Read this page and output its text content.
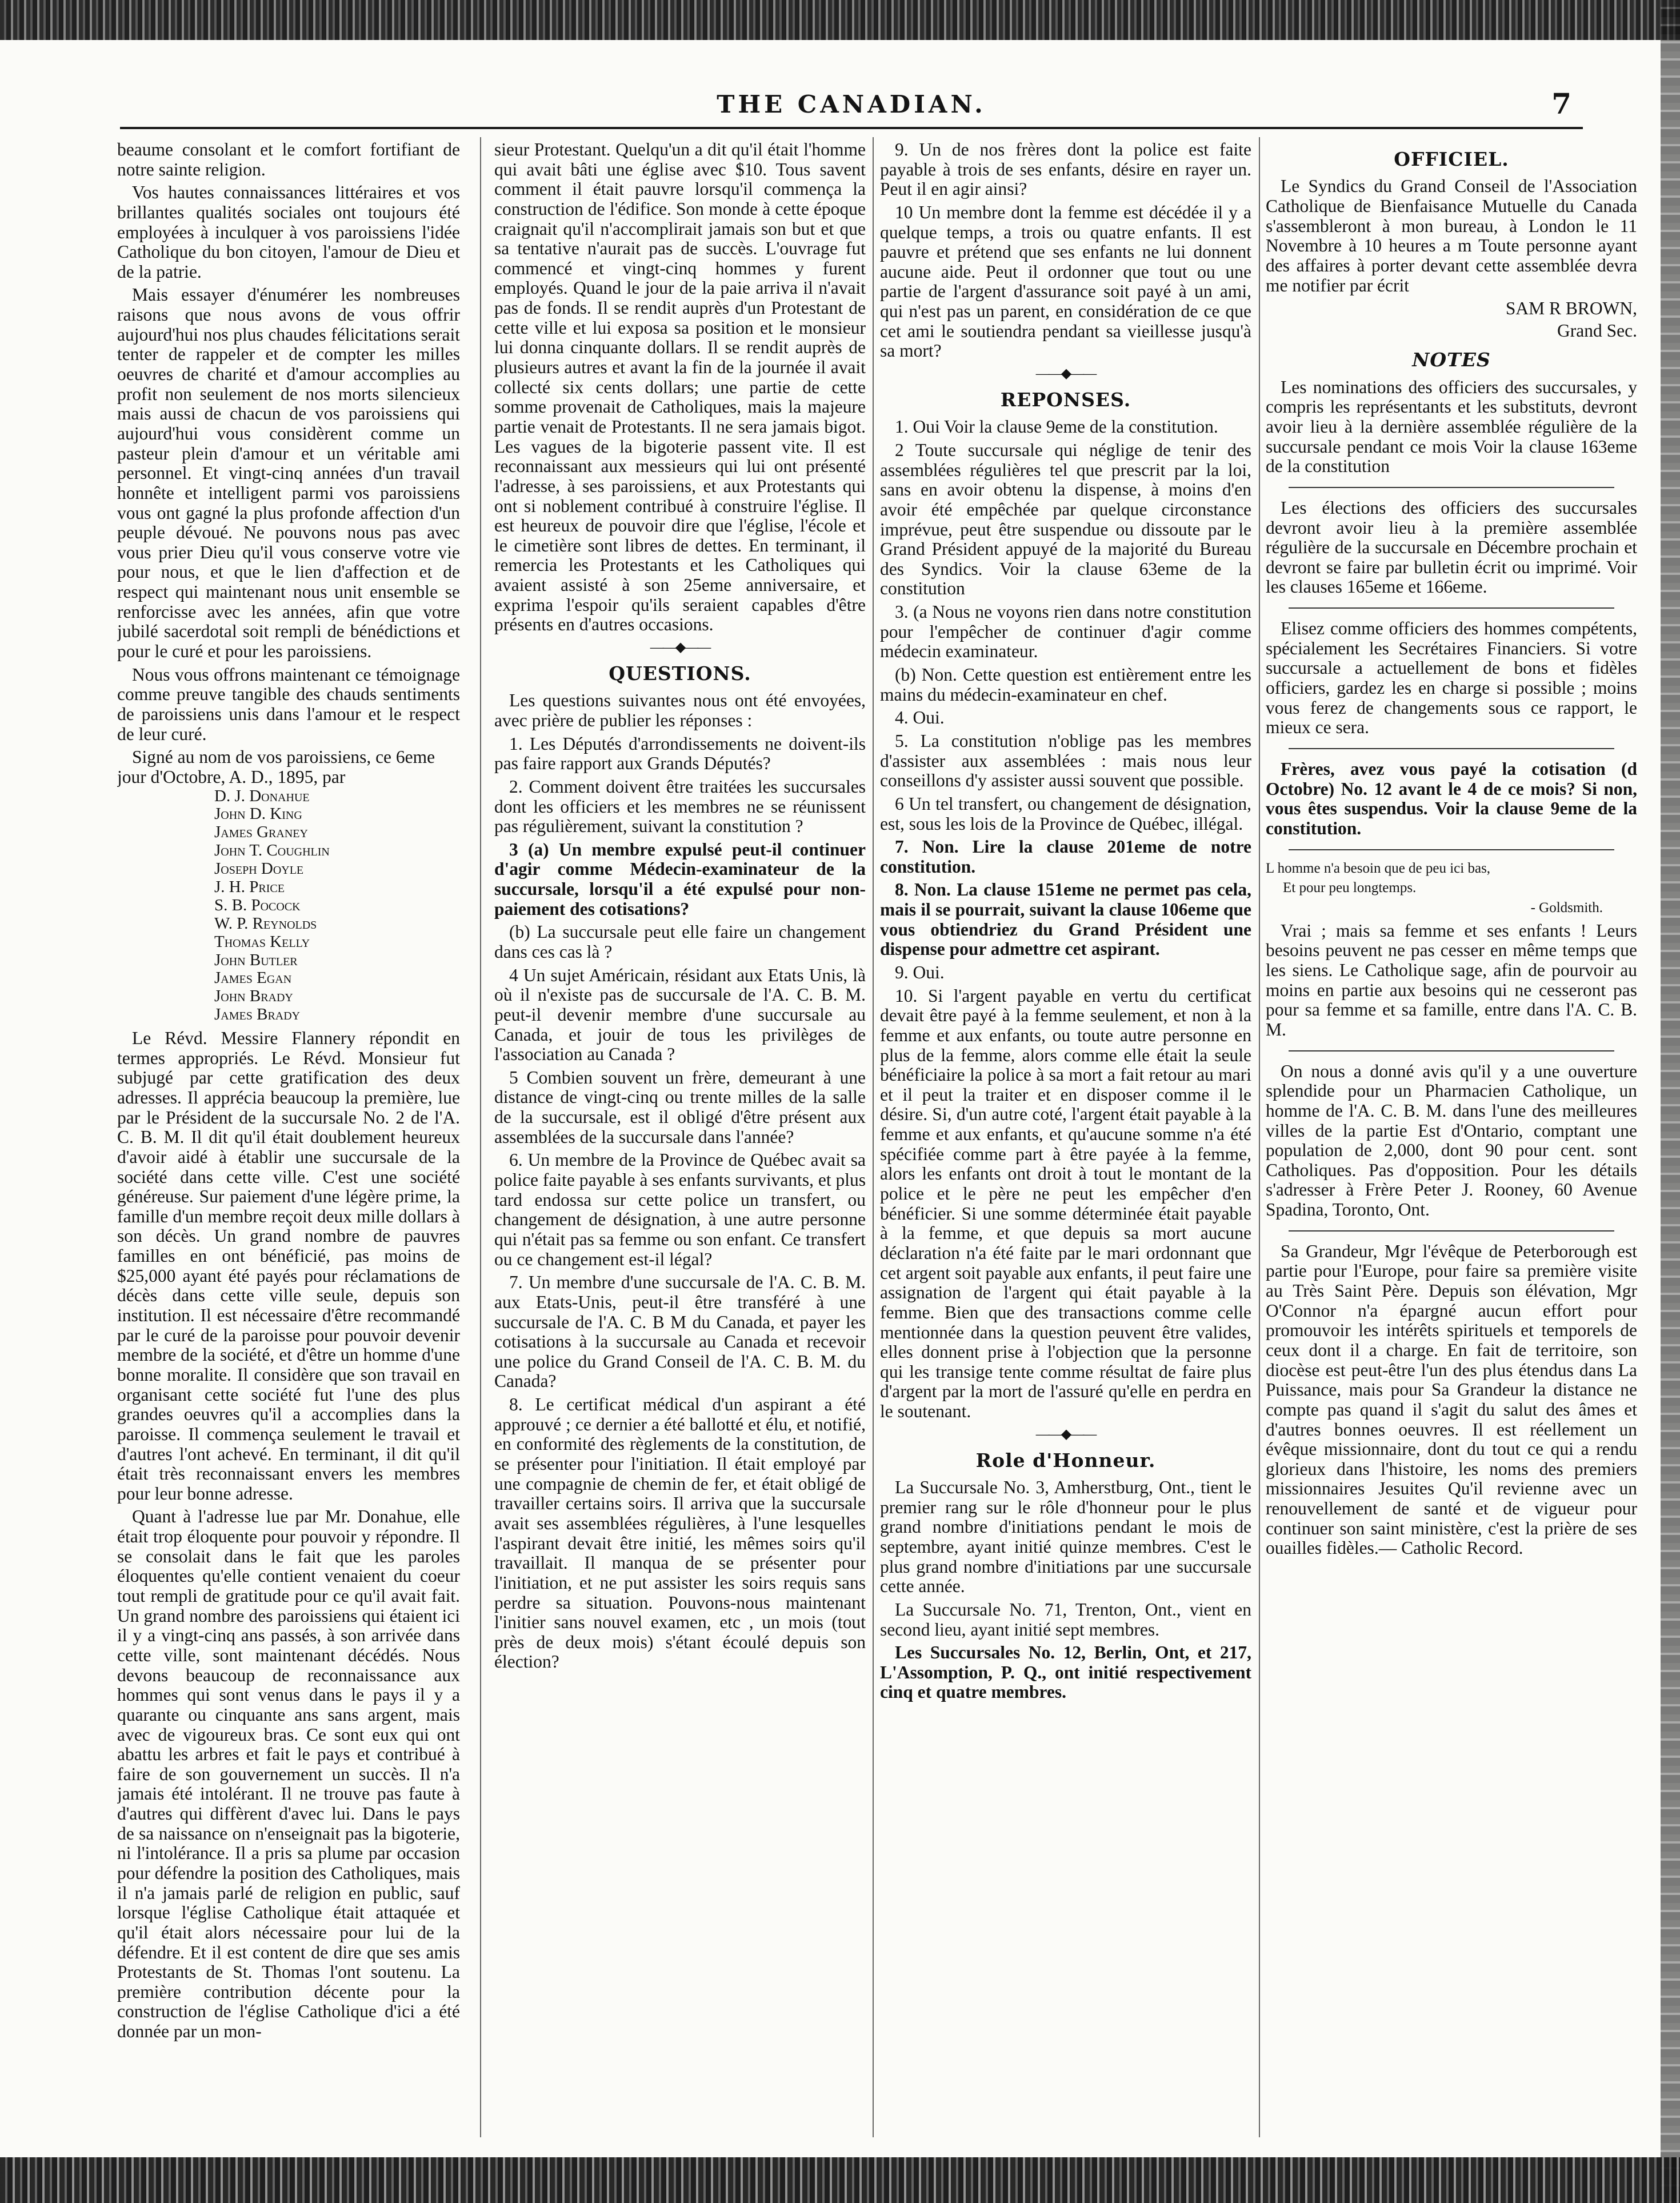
THE CANADIAN.	7

beaume consolant et le comfort fortifiant de notre sainte religion.

Vos hautes connaissances littéraires et vos brillantes qualités sociales ont toujours été employées à inculquer à vos paroissiens l'idée Catholique du bon citoyen, l'amour de Dieu et de la patrie.

Mais essayer d'énumérer les nombreuses raisons que nous avons de vous offrir aujourd'hui nos plus chaudes félicitations serait tenter de rappeler et de compter les milles oeuvres de charité et d'amour accomplies au profit non seulement de nos morts silencieux mais aussi de chacun de vos paroissiens qui aujourd'hui vous considèrent comme un pasteur plein d'amour et un véritable ami personnel. Et vingt-cinq années d'un travail honnête et intelligent parmi vos paroissiens vous ont gagné la plus profonde affection d'un peuple dévoué. Ne pouvons nous pas avec vous prier Dieu qu'il vous conserve votre vie pour nous, et que le lien d'affection et de respect qui maintenant nous unit ensemble se renforcisse avec les années, afin que votre jubilé sacerdotal soit rempli de bénédictions et pour le curé et pour les paroissiens.

Nous vous offrons maintenant ce témoignage comme preuve tangible des chauds sentiments de paroissiens unis dans l'amour et le respect de leur curé.

Signé au nom de vos paroissiens, ce 6eme jour d'Octobre, A. D., 1895, par

D. J. Donahue
John D. King
James Graney
John T. Coughlin
Joseph Doyle
J. H. Price
S. B. Pocock
W. P. Reynolds
Thomas Kelly
John Butler
James Egan
John Brady
James Brady

Le Révd. Messire Flannery répondit en termes appropriés. Le Révd. Monsieur fut subjugé par cette gratification des deux adresses. Il apprécia beaucoup la première, lue par le Président de la succursale No. 2 de l'A. C. B. M. Il dit qu'il était doublement heureux d'avoir aidé à établir une succursale de la société dans cette ville. C'est une société généreuse. Sur paiement d'une légère prime, la famille d'un membre reçoit deux mille dollars à son décès. Un grand nombre de pauvres familles en ont bénéficié, pas moins de $25,000 ayant été payés pour réclamations de décès dans cette ville seule, depuis son institution. Il est nécessaire d'être recommandé par le curé de la paroisse pour pouvoir devenir membre de la société, et d'être un homme d'une bonne moralite. Il considère que son travail en organisant cette société fut l'une des plus grandes oeuvres qu'il a accomplies dans la paroisse. Il commença seulement le travail et d'autres l'ont achevé. En terminant, il dit qu'il était très reconnaissant envers les membres pour leur bonne adresse.

Quant à l'adresse lue par Mr. Donahue, elle était trop éloquente pour pouvoir y répondre. Il se consolait dans le fait que les paroles éloquentes qu'elle contient venaient du coeur tout rempli de gratitude pour ce qu'il avait fait. Un grand nombre des paroissiens qui étaient ici il y a vingt-cinq ans passés, à son arrivée dans cette ville, sont maintenant décédés. Nous devons beaucoup de reconnaissance aux hommes qui sont venus dans le pays il y a quarante ou cinquante ans sans argent, mais avec de vigoureux bras. Ce sont eux qui ont abattu les arbres et fait le pays et contribué à faire de son gouvernement un succès. Il n'a jamais été intolérant. Il ne trouve pas faute à d'autres qui diffèrent d'avec lui. Dans le pays de sa naissance on n'enseignait pas la bigoterie, ni l'intolérance. Il a pris sa plume par occasion pour défendre la position des Catholiques, mais il n'a jamais parlé de religion en public, sauf lorsque l'église Catholique était attaquée et qu'il était alors nécessaire pour lui de la défendre. Et il est content de dire que ses amis Protestants de St. Thomas l'ont soutenu. La première contribution décente pour la construction de l'église Catholique d'ici a été donnée par un mon-

sieur Protestant. Quelqu'un a dit qu'il était l'homme qui avait bâti une église avec $10. Tous savent comment il était pauvre lorsqu'il commença la construction de l'édifice. Son monde à cette époque craignait qu'il n'accomplirait jamais son but et que sa tentative n'aurait pas de succès. L'ouvrage fut commencé et vingt-cinq hommes y furent employés. Quand le jour de la paie arriva il n'avait pas de fonds. Il se rendit auprès d'un Protestant de cette ville et lui exposa sa position et le monsieur lui donna cinquante dollars. Il se rendit auprès de plusieurs autres et avant la fin de la journée il avait collecté six cents dollars; une partie de cette somme provenait de Catholiques, mais la majeure partie venait de Protestants. Il ne sera jamais bigot. Les vagues de la bigoterie passent vite. Il est reconnaissant aux messieurs qui lui ont présenté l'adresse, à ses paroissiens, et aux Protestants qui ont si noblement contribué à construire l'église. Il est heureux de pouvoir dire que l'église, l'école et le cimetière sont libres de dettes. En terminant, il remercia les Protestants et les Catholiques qui avaient assisté à son 25eme anniversaire, et exprima l'espoir qu'ils seraient capables d'être présents en d'autres occasions.

——◆——
QUESTIONS.

Les questions suivantes nous ont été envoyées, avec prière de publier les réponses :

1. Les Députés d'arrondissements ne doivent-ils pas faire rapport aux Grands Députés?

2. Comment doivent être traitées les succursales dont les officiers et les membres ne se réunissent pas régulièrement, suivant la constitution ?

3 (a) Un membre expulsé peut-il continuer d'agir comme Médecin-examinateur de la succursale, lorsqu'il a été expulsé pour non-paiement des cotisations?

(b) La succursale peut elle faire un changement dans ces cas là ?

4 Un sujet Américain, résidant aux Etats Unis, là où il n'existe pas de succursale de l'A. C. B. M. peut-il devenir membre d'une succursale au Canada, et jouir de tous les privilèges de l'association au Canada ?

5 Combien souvent un frère, demeurant à une distance de vingt-cinq ou trente milles de la salle de la succursale, est il obligé d'être présent aux assemblées de la succursale dans l'année?

6. Un membre de la Province de Québec avait sa police faite payable à ses enfants survivants, et plus tard endossa sur cette police un transfert, ou changement de désignation, à une autre personne qui n'était pas sa femme ou son enfant. Ce transfert ou ce changement est-il légal?

7. Un membre d'une succursale de l'A. C. B. M. aux Etats-Unis, peut-il être transféré à une succursale de l'A. C. B M du Canada, et payer les cotisations à la succursale au Canada et recevoir une police du Grand Conseil de l'A. C. B. M. du Canada?

8. Le certificat médical d'un aspirant a été approuvé ; ce dernier a été ballotté et élu, et notifié, en conformité des règlements de la constitution, de se présenter pour l'initiation. Il était employé par une compagnie de chemin de fer, et était obligé de travailler certains soirs. Il arriva que la succursale avait ses assemblées régulières, à l'une lesquelles l'aspirant devait être initié, les mêmes soirs qu'il travaillait. Il manqua de se présenter pour l'initiation, et ne put assister les soirs requis sans perdre sa situation. Pouvons-nous maintenant l'initier sans nouvel examen, etc , un mois (tout près de deux mois) s'étant écoulé depuis son élection?

9. Un de nos frères dont la police est faite payable à trois de ses enfants, désire en rayer un. Peut il en agir ainsi?

10 Un membre dont la femme est décédée il y a quelque temps, a trois ou quatre enfants. Il est pauvre et prétend que ses enfants ne lui donnent aucune aide. Peut il ordonner que tout ou une partie de l'argent d'assurance soit payé à un ami, qui n'est pas un parent, en considération de ce que cet ami le soutiendra pendant sa vieillesse jusqu'à sa mort?

——◆——
REPONSES.

1. Oui Voir la clause 9eme de la constitution.

2 Toute succursale qui néglige de tenir des assemblées régulières tel que prescrit par la loi, sans en avoir obtenu la dispense, à moins d'en avoir été empêchée par quelque circonstance imprévue, peut être suspendue ou dissoute par le Grand Président appuyé de la majorité du Bureau des Syndics. Voir la clause 63eme de la constitution

3. (a Nous ne voyons rien dans notre constitution pour l'empêcher de continuer d'agir comme médecin examinateur.

(b) Non. Cette question est entièrement entre les mains du médecin-examinateur en chef.

4. Oui.

5. La constitution n'oblige pas les membres d'assister aux assemblées : mais nous leur conseillons d'y assister aussi souvent que possible.

6 Un tel transfert, ou changement de désignation, est, sous les lois de la Province de Québec, illégal.

7. Non. Lire la clause 201eme de notre constitution.

8. Non. La clause 151eme ne permet pas cela, mais il se pourrait, suivant la clause 106eme que vous obtiendriez du Grand Président une dispense pour admettre cet aspirant.

9. Oui.

10. Si l'argent payable en vertu du certificat devait être payé à la femme seulement, et non à la femme et aux enfants, ou toute autre personne en plus de la femme, alors comme elle était la seule bénéficiaire la police à sa mort a fait retour au mari et il peut la traiter et en disposer comme il le désire. Si, d'un autre coté, l'argent était payable à la femme et aux enfants, et qu'aucune somme n'a été spécifiée comme part à être payée à la femme, alors les enfants ont droit à tout le montant de la police et le père ne peut les empêcher d'en bénéficier. Si une somme déterminée était payable à la femme, et que depuis sa mort aucune déclaration n'a été faite par le mari ordonnant que cet argent soit payable aux enfants, il peut faire une assignation de l'argent qui était payable à la femme. Bien que des transactions comme celle mentionnée dans la question peuvent être valides, elles donnent prise à l'objection que la personne qui les transige tente comme résultat de faire plus d'argent par la mort de l'assuré qu'elle en perdra en le soutenant.

——◆——
Role d'Honneur.

La Succursale No. 3, Amherstburg, Ont., tient le premier rang sur le rôle d'honneur pour le plus grand nombre d'initiations pendant le mois de septembre, ayant initié quinze membres. C'est le plus grand nombre d'initiations par une succursale cette année.

La Succursale No. 71, Trenton, Ont., vient en second lieu, ayant initié sept membres.

Les Succursales No. 12, Berlin, Ont, et 217, L'Assomption, P. Q., ont initié respectivement cinq et quatre membres.

OFFICIEL.

Le Syndics du Grand Conseil de l'Association Catholique de Bienfaisance Mutuelle du Canada s'assembleront à mon bureau, à London le 11 Novembre à 10 heures a m Toute personne ayant des affaires à porter devant cette assemblée devra me notifier par écrit

SAM R BROWN,

Grand Sec.

NOTES

Les nominations des officiers des succursales, y compris les représentants et les substituts, devront avoir lieu à la dernière assemblée régulière de la succursale pendant ce mois Voir la clause 163eme de la constitution

Les élections des officiers des succursales devront avoir lieu à la première assemblée régulière de la succursale en Décembre prochain et devront se faire par bulletin écrit ou imprimé. Voir les clauses 165eme et 166eme.

Elisez comme officiers des hommes compétents, spécialement les Secrétaires Financiers. Si votre succursale a actuellement de bons et fidèles officiers, gardez les en charge si possible ; moins vous ferez de changements sous ce rapport, le mieux ce sera.

Frères, avez vous payé la cotisation (d Octobre) No. 12 avant le 4 de ce mois? Si non, vous êtes suspendus. Voir la clause 9eme de la constitution.

L homme n'a besoin que de peu ici bas,

Et pour peu longtemps.

- Goldsmith.

Vrai ; mais sa femme et ses enfants ! Leurs besoins peuvent ne pas cesser en même temps que les siens. Le Catholique sage, afin de pourvoir au moins en partie aux besoins qui ne cesseront pas pour sa femme et sa famille, entre dans l'A. C. B. M.

On nous a donné avis qu'il y a une ouverture splendide pour un Pharmacien Catholique, un homme de l'A. C. B. M. dans l'une des meilleures villes de la partie Est d'Ontario, comptant une population de 2,000, dont 90 pour cent. sont Catholiques. Pas d'opposition. Pour les détails s'adresser à Frère Peter J. Rooney, 60 Avenue Spadina, Toronto, Ont.

Sa Grandeur, Mgr l'évêque de Peterborough est partie pour l'Europe, pour faire sa première visite au Très Saint Père. Depuis son élévation, Mgr O'Connor n'a épargné aucun effort pour promouvoir les intérêts spirituels et temporels de ceux dont il a charge. En fait de territoire, son diocèse est peut-être l'un des plus étendus dans La Puissance, mais pour Sa Grandeur la distance ne compte pas quand il s'agit du salut des âmes et d'autres bonnes oeuvres. Il est réellement un évêque missionnaire, dont du tout ce qui a rendu glorieux dans l'histoire, les noms des premiers missionnaires Jesuites Qu'il revienne avec un renouvellement de santé et de vigueur pour continuer son saint ministère, c'est la prière de ses ouailles fidèles.— Catholic Record.
